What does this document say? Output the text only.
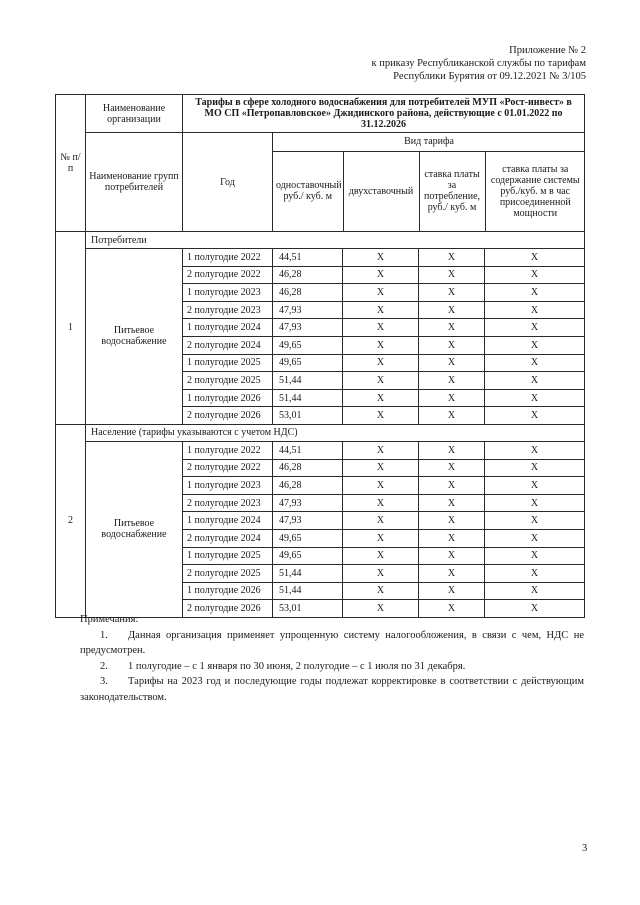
Приложение № 2
к приказу Республиканской службы по тарифам
Республики Бурятия от 09.12.2021 № 3/105
№ п/п	Наименование организации	Тарифы в сфере холодного водоснабжения для потребителей МУП «Рост-инвест» в МО СП «Петропавловское» Джидинского района, действующие с 01.01.2022 по 31.12.2026
Наименование групп потребителей	Год	
Вид тарифа
одноставочный руб./ куб. м	двухставочный	ставка платы за потребление, руб./ куб. м	ставка платы за содержание системы руб./куб. м в час присоединенной мощности

1	Потребители
Питьевое водоснабжение	1 полугодие 2022	44,51	Х	Х	Х
2 полугодие 2022	46,28	Х	Х	Х
1 полугодие 2023	46,28	Х	Х	Х
2 полугодие 2023	47,93	Х	Х	Х
1 полугодие 2024	47,93	Х	Х	Х
2 полугодие 2024	49,65	Х	Х	Х
1 полугодие 2025	49,65	Х	Х	Х
2 полугодие 2025	51,44	Х	Х	Х
1 полугодие 2026	51,44	Х	Х	Х
2 полугодие 2026	53,01	Х	Х	Х
2	Население (тарифы указываются с учетом НДС)
Питьевое водоснабжение	1 полугодие 2022	44,51	Х	Х	Х
2 полугодие 2022	46,28	Х	Х	Х
1 полугодие 2023	46,28	Х	Х	Х
2 полугодие 2023	47,93	Х	Х	Х
1 полугодие 2024	47,93	Х	Х	Х
2 полугодие 2024	49,65	Х	Х	Х
1 полугодие 2025	49,65	Х	Х	Х
2 полугодие 2025	51,44	Х	Х	Х
1 полугодие 2026	51,44	Х	Х	Х
2 полугодие 2026	53,01	Х	Х	Х

Примечания:

1. Данная организация применяет упрощенную систему налогообложения, в связи с чем, НДС не предусмотрен.

2. 1 полугодие – с 1 января по 30 июня, 2 полугодие – с 1 июля по 31 декабря.

3. Тарифы на 2023 год и последующие годы подлежат корректировке в соответствии с действующим законодательством.

3
